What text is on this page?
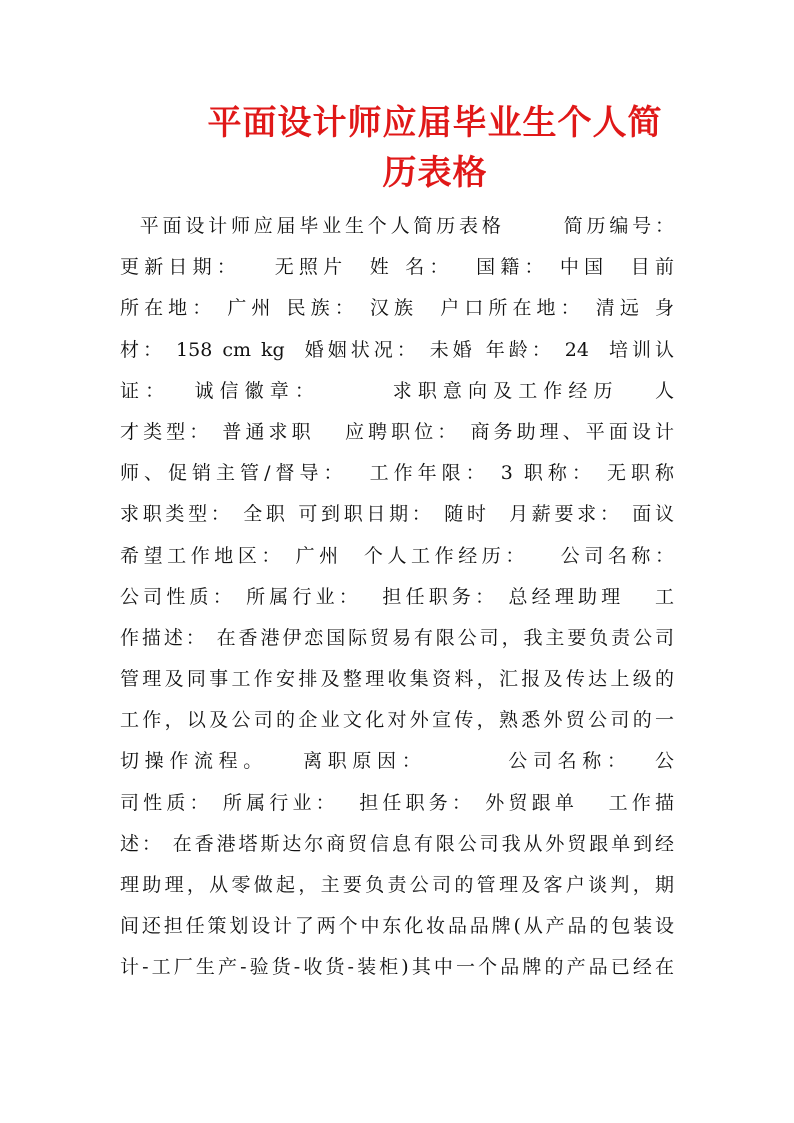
平面设计师应届毕业生个人简
历表格
平面设计师应届毕业生个人简历表格      简历编号：
更新日期：   无照片  姓 名：  国籍： 中国  目前
所在地： 广州 民族： 汉族  户口所在地： 清远 身
材： 158 cm kg  婚姻状况： 未婚 年龄： 24  培训认
证：  诚信徽章：      求职意向及工作经历   人
才类型： 普通求职   应聘职位： 商务助理、平面设计
师、促销主管/督导：  工作年限： 3 职称： 无职称
求职类型： 全职 可到职日期： 随时  月薪要求： 面议
希望工作地区： 广州  个人工作经历：   公司名称：
公司性质： 所属行业：  担任职务： 总经理助理   工
作描述： 在香港伊恋国际贸易有限公司，我主要负责公司
管理及同事工作安排及整理收集资料，汇报及传达上级的
工作，以及公司的企业文化对外宣传，熟悉外贸公司的一
切操作流程。   离职原因：       公司名称：  公
司性质： 所属行业：  担任职务： 外贸跟单   工作描
述： 在香港塔斯达尔商贸信息有限公司我从外贸跟单到经
理助理，从零做起，主要负责公司的管理及客户谈判，期
间还担任策划设计了两个中东化妆品品牌(从产品的包装设
计-工厂生产-验货-收货-装柜)其中一个品牌的产品已经在
